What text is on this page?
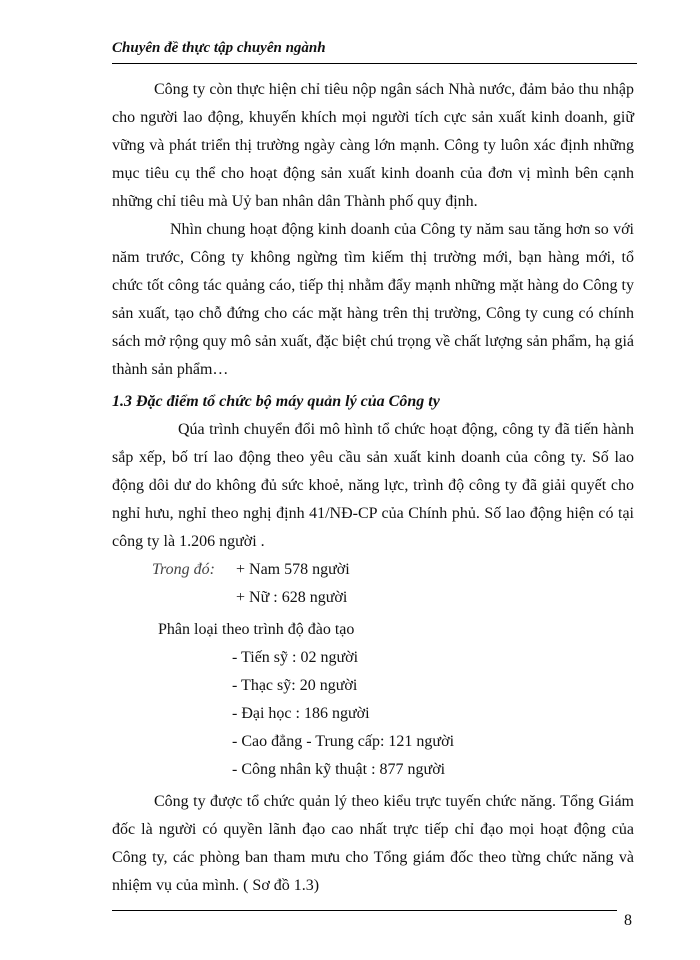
Chuyên đề thực tập chuyên ngành

Công ty còn thực hiện chỉ tiêu nộp ngân sách Nhà nước, đảm bảo thu nhập cho người lao động, khuyến khích mọi người tích cực sản xuất kinh doanh, giữ vững và phát triển thị trường ngày càng lớn mạnh. Công ty luôn xác định những mục tiêu cụ thể cho hoạt động sản xuất kinh doanh của đơn vị mình bên cạnh những chỉ tiêu mà Uỷ ban nhân dân Thành phố quy định.

Nhìn chung hoạt động kinh doanh của Công ty năm sau tăng hơn so với năm trước, Công ty không ngừng tìm kiếm thị trường mới, bạn hàng mới, tổ chức tốt công tác quảng cáo, tiếp thị nhằm đẩy mạnh những mặt hàng do Công ty sản xuất, tạo chỗ đứng cho các mặt hàng trên thị trường, Công ty cung có chính sách mở rộng quy mô sản xuất, đặc biệt chú trọng về chất lượng sản phẩm, hạ giá thành sản phẩm…

1.3 Đặc điểm tổ chức bộ máy quản lý của Công ty

Qúa trình chuyển đổi mô hình tổ chức hoạt động, công ty đã tiến hành sắp xếp, bố trí lao động theo yêu cầu sản xuất kinh doanh của công ty. Số lao động dôi dư do không đủ sức khoẻ, năng lực, trình độ công ty đã giải quyết cho nghỉ hưu, nghỉ theo nghị định 41/NĐ-CP của Chính phủ. Số lao động hiện có tại công ty là 1.206 người .

Trong đó:	+ Nam 578 người
+ Nữ : 628 người
Phân loại theo trình độ đào tạo
- Tiến sỹ : 02 người
- Thạc sỹ: 20 người
- Đại học : 186 người
- Cao đẳng - Trung cấp: 121 người
- Công nhân kỹ thuật : 877 người

Công ty được tổ chức quản lý theo kiểu trực tuyến chức năng. Tổng Giám đốc là người có quyền lãnh đạo cao nhất trực tiếp chỉ đạo mọi hoạt động của Công ty, các phòng ban tham mưu cho Tổng giám đốc theo từng chức năng và nhiệm vụ của mình. ( Sơ đồ 1.3)

8
